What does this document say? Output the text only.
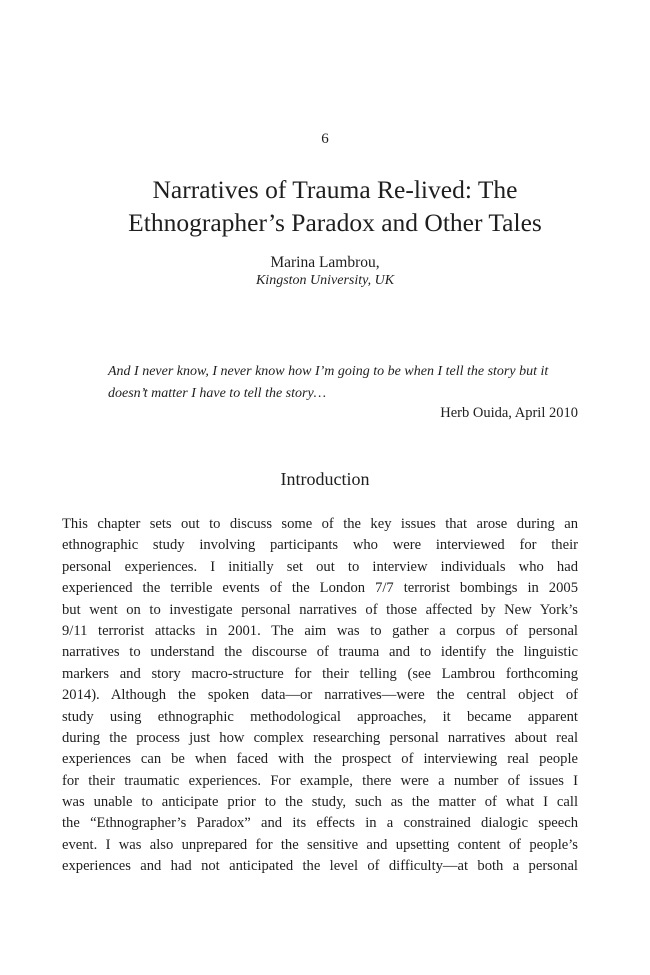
6
Narratives of Trauma Re-lived: The
Ethnographer’s Paradox and Other Tales
Marina Lambrou,
Kingston University, UK
And I never know, I never know how I’m going to be when I tell the story but it
doesn’t matter I have to tell the story…
Herb Ouida, April 2010
Introduction
This chapter sets out to discuss some of the key issues that arose during an
ethnographic study involving participants who were interviewed for their
personal experiences. I initially set out to interview individuals who had
experienced the terrible events of the London 7/7 terrorist bombings in 2005
but went on to investigate personal narratives of those affected by New York’s
9/11 terrorist attacks in 2001. The aim was to gather a corpus of personal
narratives to understand the discourse of trauma and to identify the linguistic
markers and story macro-structure for their telling (see Lambrou forthcoming
2014). Although the spoken data—or narratives—were the central object of
study using ethnographic methodological approaches, it became apparent
during the process just how complex researching personal narratives about real
experiences can be when faced with the prospect of interviewing real people
for their traumatic experiences. For example, there were a number of issues I
was unable to anticipate prior to the study, such as the matter of what I call
the “Ethnographer’s Paradox” and its effects in a constrained dialogic speech
event. I was also unprepared for the sensitive and upsetting content of people’s
experiences and had not anticipated the level of difficulty—at both a personal
